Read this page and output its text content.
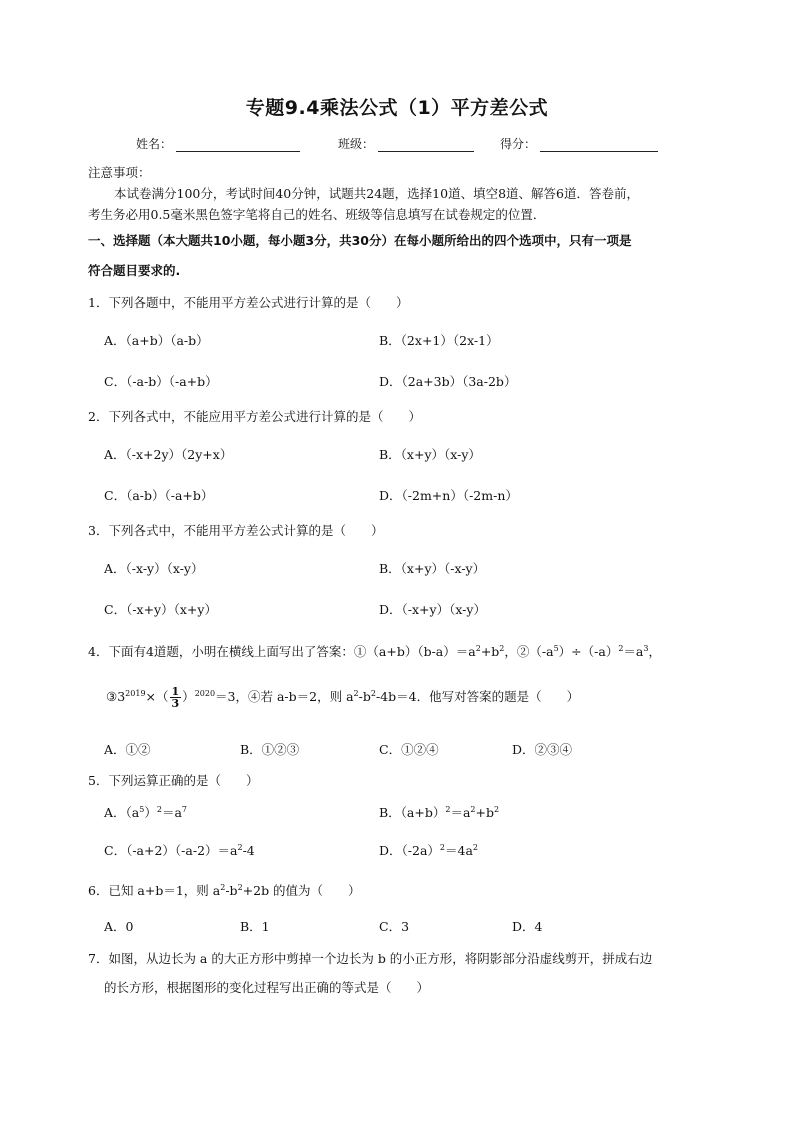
专题9.4乘法公式（1）平方差公式
姓名：	班级：	得分：
注意事项：
本试卷满分100分，考试时间40分钟，试题共24题，选择10道、填空8道、解答6道．答卷前，
考生务必用0.5毫米黑色签字笔将自己的姓名、班级等信息填写在试卷规定的位置．
一、选择题（本大题共10小题，每小题3分，共30分）在每小题所给出的四个选项中，只有一项是
符合题目要求的.
1．下列各题中，不能用平方差公式进行计算的是（　　）
A．（a+b）（a-b）	B．（2x+1）（2x-1）
C．（-a-b）（-a+b）	D．（2a+3b）（3a-2b）
2．下列各式中，不能应用平方差公式进行计算的是（　　）
A．（-x+2y）（2y+x）	B．（x+y）（x-y）
C．（a-b）（-a+b）	D．（-2m+n）（-2m-n）
3．下列各式中，不能用平方差公式计算的是（　　）
A．（-x-y）（x-y）	B．（x+y）（-x-y）
C．（-x+y）（x+y）	D．（-x+y）（x-y）
4．下面有4道题，小明在横线上面写出了答案：$①(a+b)(b-a)=a^2+b^2$，$②(-a^5)\div(-a)^2=a^3$，
$③3^{2019}\times( \frac{1}{3} )^{2020}=3$，④若 a-b＝2，则 $a^2-b^2-4b=4$．他写对答案的题是（　　）
A．①②	B．①②③	C．①②④	D．②③④
5．下列运算正确的是（　　）
A．$(a^5)^2=a^7$	B．$(a+b)^2=a^2+b^2$
C．$(-a+2)(-a-2)=a^2-4$	D．$(-2a)^2=4a^2$
6．已知 a+b＝1，则 $a^2-b^2+2b$ 的值为（　　）
A．0	B．1	C．3	D．4
7．如图，从边长为 a 的大正方形中剪掉一个边长为 b 的小正方形，将阴影部分沿虚线剪开，拼成右边
的长方形，根据图形的变化过程写出正确的等式是（　　）
